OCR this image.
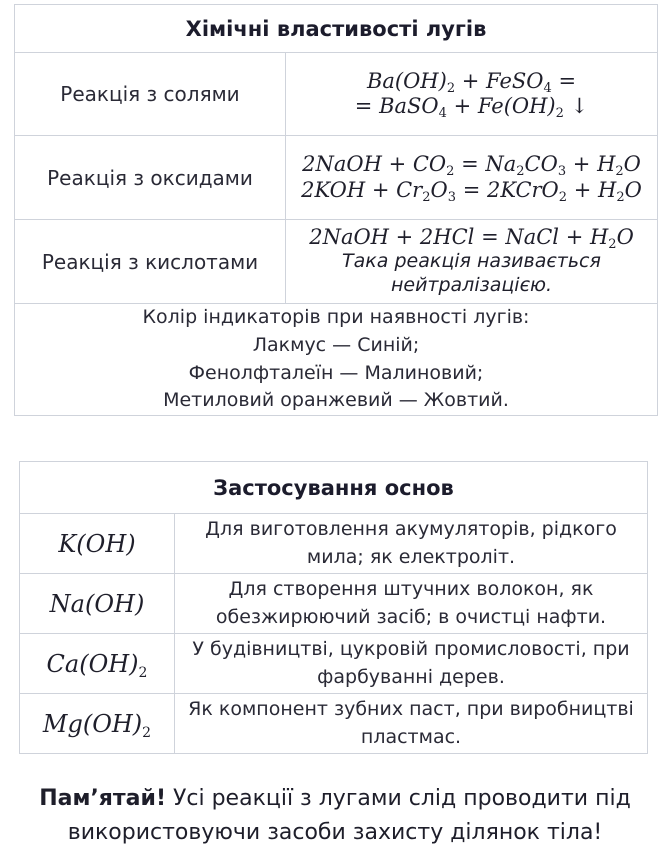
Хімічні властивості лугів	
Реакція з солями	$Ba(OH)_2$ + FeSO$_4$ =
= BaSO$_4$ + $Fe(OH)_2$ ↓

Реакція з оксидами	2NaOH + $CO_2 = Na_2CO_3 + H_2O$
$2KOH + Cr_2O_3$ = 2KCrO$_2$ + $H_2O$

Реакція з кислотами	2NaOH + 2HCl = NaCl + $H_2O$
Така реакція називається
нейтралізацією.

Колір індикаторів при наявності лугів:
Лакмус — Синій;
Фенолфталеїн — Малиновий;
Метиловий оранжевий — Жовтий.	
Застосування основ	
K(OH)	Для виготовлення акумуляторів, рідкого мила; як електроліт.
Na(OH)	Для створення штучних волокон, як обезжирюючий засіб; в очистці нафти.
$Ca(OH)_2$	У будівництві, цукровій промисловості, при фарбуванні дерев.
$Mg(OH)_2$	Як компонент зубних паст, при виробництві пластмас.
Пам’ятай! Усі реакції з лугами слід проводити під використовуючи засоби захисту ділянок тіла!
